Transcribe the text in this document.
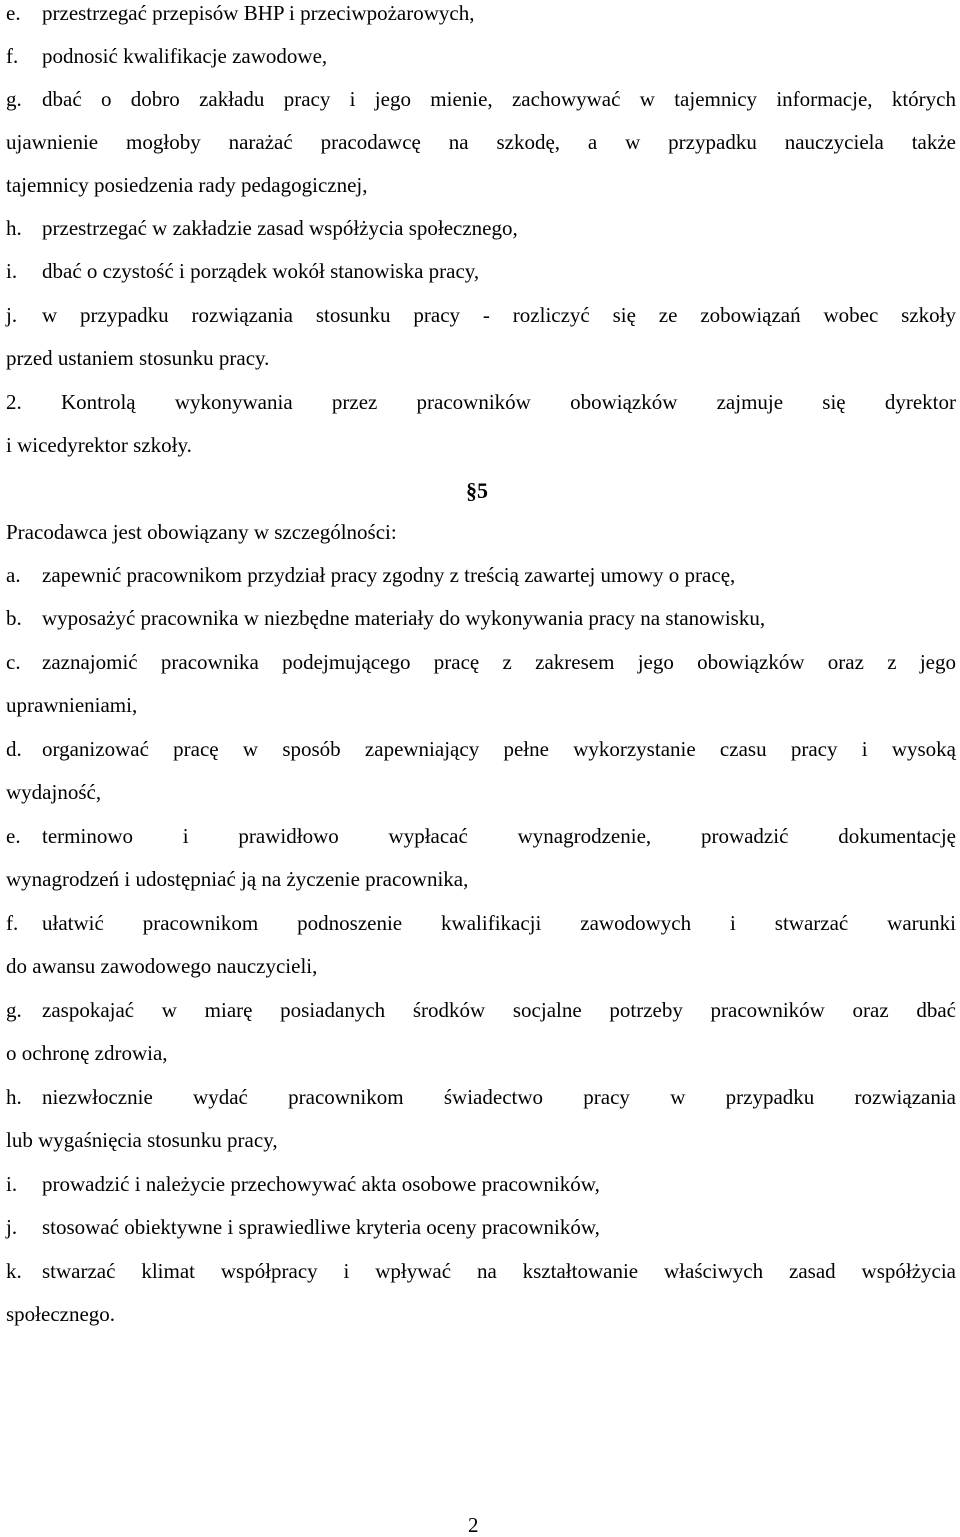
e.	przestrzegać przepisów BHP i przeciwpożarowych,
f.	podnosić kwalifikacje zawodowe,
g. dbać o dobro zakładu pracy i jego mienie, zachowywać w tajemnicy informacje, których
ujawnienie mogłoby narażać pracodawcę na szkodę, a w przypadku nauczyciela także
tajemnicy posiedzenia rady pedagogicznej,
h. przestrzegać w zakładzie zasad współżycia społecznego,
i.	dbać o czystość i porządek wokół stanowiska pracy,
j.	w przypadku rozwiązania stosunku pracy - rozliczyć się ze zobowiązań wobec szkoły
przed ustaniem stosunku pracy.
2. Kontrolą wykonywania przez pracowników obowiązków zajmuje się dyrektor
i wicedyrektor szkoły.
§5
Pracodawca jest obowiązany w szczególności:
a.	zapewnić pracownikom przydział pracy zgodny z treścią zawartej umowy o pracę,
b. wyposażyć pracownika w niezbędne materiały do wykonywania pracy na stanowisku,
c.	zaznajomić pracownika podejmującego pracę z zakresem jego obowiązków oraz z jego
uprawnieniami,
d. organizować pracę w sposób zapewniający pełne wykorzystanie czasu pracy i wysoką
wydajność,
e.	terminowo i prawidłowo wypłacać wynagrodzenie, prowadzić dokumentację
wynagrodzeń i udostępniać ją na życzenie pracownika,
f.	ułatwić pracownikom podnoszenie kwalifikacji zawodowych i stwarzać warunki
do awansu zawodowego nauczycieli,
g. zaspokajać w miarę posiadanych środków socjalne potrzeby pracowników oraz dbać
o ochronę zdrowia,
h. niezwłocznie wydać pracownikom świadectwo pracy w przypadku rozwiązania
lub wygaśnięcia stosunku pracy,
i.	prowadzić i należycie przechowywać akta osobowe pracowników,
j.	stosować obiektywne i sprawiedliwe kryteria oceny pracowników,
k. stwarzać klimat współpracy i wpływać na kształtowanie właściwych zasad współżycia
społecznego.
2
